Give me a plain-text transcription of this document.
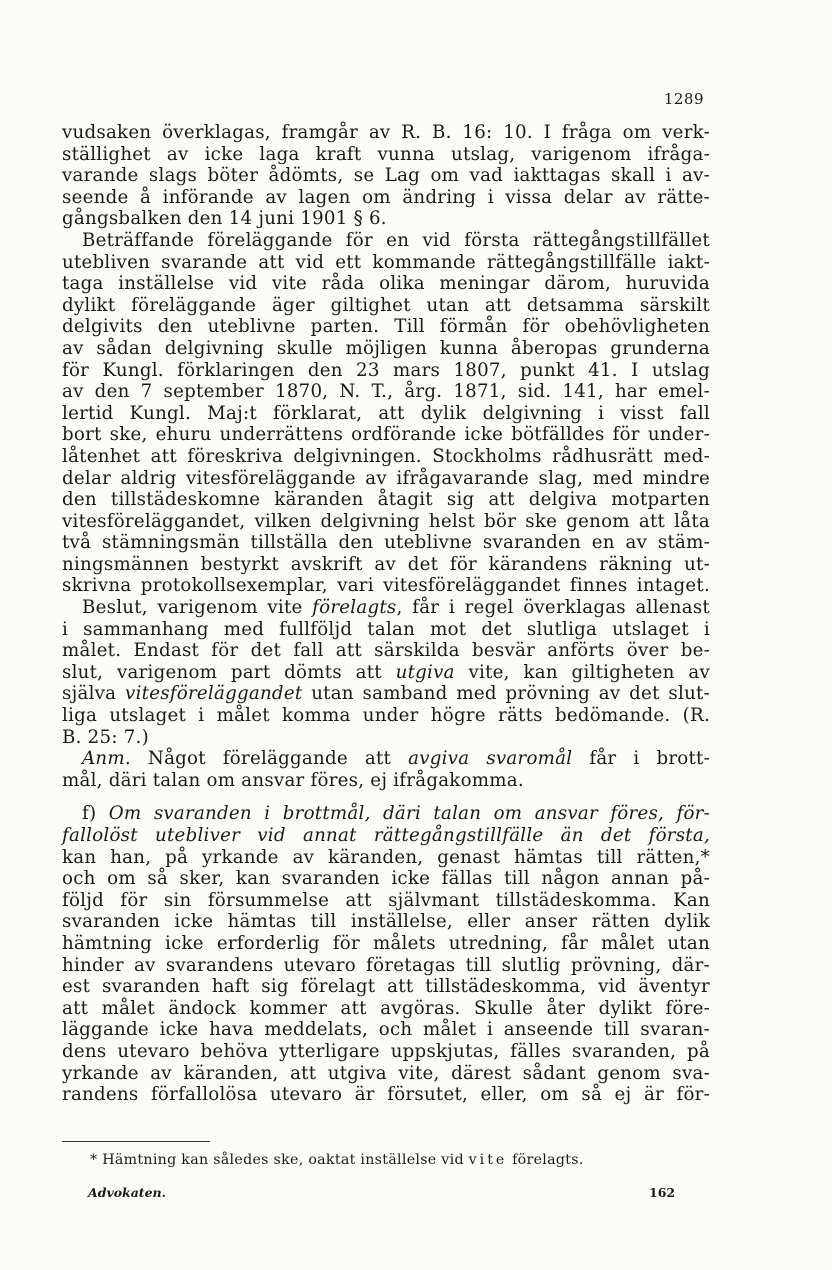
1289
vudsaken överklagas, framgår av R. B. 16: 10. I fråga om verk-
ställighet av icke laga kraft vunna utslag, varigenom ifråga-
varande slags böter ådömts, se Lag om vad iakttagas skall i av-
seende å införande av lagen om ändring i vissa delar av rätte-
gångsbalken den 14 juni 1901 § 6.
Beträffande föreläggande för en vid första rättegångstillfället
utebliven svarande att vid ett kommande rättegångstillfälle iakt-
taga inställelse vid vite råda olika meningar därom, huruvida
dylikt föreläggande äger giltighet utan att detsamma särskilt
delgivits den uteblivne parten. Till förmån för obehövligheten
av sådan delgivning skulle möjligen kunna åberopas grunderna
för Kungl. förklaringen den 23 mars 1807, punkt 41. I utslag
av den 7 september 1870, N. T., årg. 1871, sid. 141, har emel-
lertid Kungl. Maj:t förklarat, att dylik delgivning i visst fall
bort ske, ehuru underrättens ordförande icke bötfälldes för under-
låtenhet att föreskriva delgivningen. Stockholms rådhusrätt med-
delar aldrig vitesföreläggande av ifrågavarande slag, med mindre
den tillstädeskomne käranden åtagit sig att delgiva motparten
vitesföreläggandet, vilken delgivning helst bör ske genom att låta
två stämningsmän tillställa den uteblivne svaranden en av stäm-
ningsmännen bestyrkt avskrift av det för kärandens räkning ut-
skrivna protokollsexemplar, vari vitesföreläggandet finnes intaget.
Beslut, varigenom vite förelagts, får i regel överklagas allenast
i sammanhang med fullföljd talan mot det slutliga utslaget i
målet. Endast för det fall att särskilda besvär anförts över be-
slut, varigenom part dömts att utgiva vite, kan giltigheten av
själva vitesföreläggandet utan samband med prövning av det slut-
liga utslaget i målet komma under högre rätts bedömande. (R.
B. 25: 7.)
Anm. Något föreläggande att avgiva svaromål får i brott-
mål, däri talan om ansvar föres, ej ifrågakomma.
f) Om svaranden i brottmål, däri talan om ansvar föres, för-
fallolöst utebliver vid annat rättegångstillfälle än det första,
kan han, på yrkande av käranden, genast hämtas till rätten,*
och om så sker, kan svaranden icke fällas till någon annan på-
följd för sin försummelse att självmant tillstädeskomma. Kan
svaranden icke hämtas till inställelse, eller anser rätten dylik
hämtning icke erforderlig för målets utredning, får målet utan
hinder av svarandens utevaro företagas till slutlig prövning, där-
est svaranden haft sig förelagt att tillstädeskomma, vid äventyr
att målet ändock kommer att avgöras. Skulle åter dylikt före-
läggande icke hava meddelats, och målet i anseende till svaran-
dens utevaro behöva ytterligare uppskjutas, fälles svaranden, på
yrkande av käranden, att utgiva vite, därest sådant genom sva-
randens förfallolösa utevaro är försutet, eller, om så ej är för-
* Hämtning kan således ske, oaktat inställelse vid vite förelagts.
Advokaten.	162
